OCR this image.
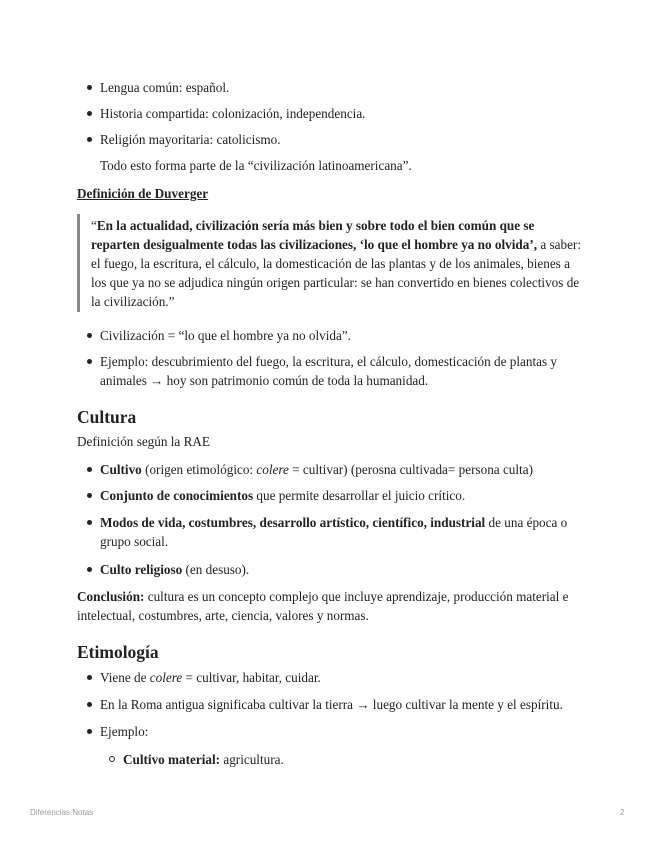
Lengua común: español.
Historia compartida: colonización, independencia.
Religión mayoritaria: catolicismo.
Todo esto forma parte de la “civilización latinoamericana”.
Definición de Duverger
“En la actualidad, civilización sería más bien y sobre todo el bien común que se reparten desigualmente todas las civilizaciones, ‘lo que el hombre ya no olvida’, a saber: el fuego, la escritura, el cálculo, la domesticación de las plantas y de los animales, bienes a los que ya no se adjudica ningún origen particular: se han convertido en bienes colectivos de la civilización.”
Civilización = “lo que el hombre ya no olvida”.
Ejemplo: descubrimiento del fuego, la escritura, el cálculo, domesticación de plantas y animales → hoy son patrimonio común de toda la humanidad.
Cultura
Definición según la RAE
Cultivo (origen etimológico: colere = cultivar) (perosna cultivada= persona culta)
Conjunto de conocimientos que permite desarrollar el juicio crítico.
Modos de vida, costumbres, desarrollo artístico, científico, industrial de una época o grupo social.
Culto religioso (en desuso).
Conclusión: cultura es un concepto complejo que incluye aprendizaje, producción material e intelectual, costumbres, arte, ciencia, valores y normas.
Etimología
Viene de colere = cultivar, habitar, cuidar.
En la Roma antigua significaba cultivar la tierra → luego cultivar la mente y el espíritu.
Ejemplo:
Cultivo material: agricultura.
Diferencias Notas	2
